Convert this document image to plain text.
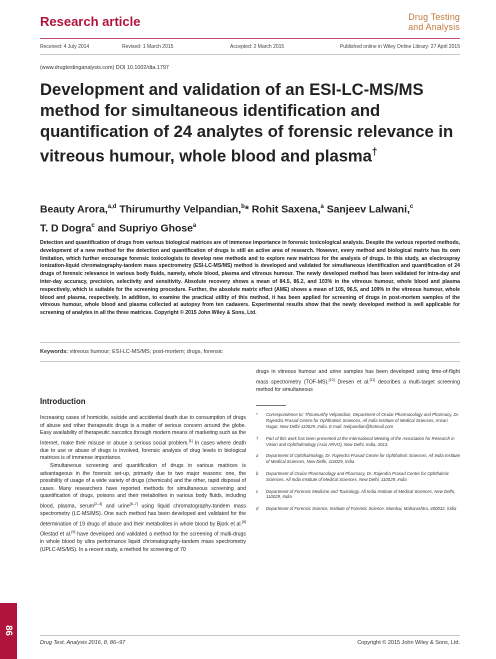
Research article	Drug Testing
and Analysis
Received: 4 July 2014	Revised: 1 March 2015	Accepted: 2 March 2015	Published online in Wiley Online Library: 27 April 2015
(www.drugtestinganalysis.com) DOI 10.1002/dta.1797
Development and validation of an ESI-LC-MS/MS method for simultaneous identification and quantification of 24 analytes of forensic relevance in vitreous humour, whole blood and plasma†
Beauty Arora,$^{a,d}$ Thirumurthy Velpandian,$^b$* Rohit Saxena,$^a$ Sanjeev Lalwani,$^c$
T. D Dogra$^c$ and Supriyo Ghose$^a$

Detection and quantification of drugs from various biological matrices are of immense importance in forensic toxicological analysis. Despite the various reported methods, development of a new method for the detection and quantification of drugs is still an active area of research. However, every method and biological matrix has its own limitation, which further encourage forensic toxicologists to develop new methods and to explore new matrices for the analysis of drugs. In this study, an electrospray ionization-liquid chromatography-tandem mass spectrometry (ESI-LC-MS/MS) method is developed and validated for simultaneous identification and quantification of 24 drugs of forensic relevance in various body fluids, namely, whole blood, plasma and vitreous humour. The newly developed method has been validated for intra-day and inter-day accuracy, precision, selectivity and sensitivity. Absolute recovery shows a mean of 84.5, 86.2, and 103% in the vitreous humour, whole blood and plasma respectively, which is suitable for the screening procedure. Further, the absolute matrix effect (AME) shows a mean of 105, 96.5, and 109% in the vitreous humour, whole blood and plasma, respectively. In addition, to examine the practical utility of this method, it has been applied for screening of drugs in post-mortem samples of the vitreous humour, whole blood and plasma collected at autopsy from ten cadavers. Experimental results show that the newly developed method is well applicable for screening of analytes in all the three matrices. Copyright © 2015 John Wiley & Sons, Ltd.

Keywords: vitreous humour; ESI-LC-MS/MS; post-mortem; drugs, forensic
Introduction

Increasing cases of homicide, suicide and accidental death due to consumption of drugs of abuse and other therapeutic drugs is a matter of serious concern around the globe. Easy availability of therapeutic narcotics through modern means of marketing such as the Internet, make their misuse or abuse a serious social problem.[1] In cases where death due to use or abuse of drugs is involved, forensic analysis of drug levels in biological matrices is of immense importance.

Simultaneous screening and quantification of drugs in various matrices is advantageous in the forensic set-up, primarily due to two major reasons: one, the possibility of usage of a wide variety of drugs (chemicals) and the other, rapid disposal of cases. Many researchers have reported methods for simultaneous screening and quantification of drugs, poisons and their metabolites in various body fluids, including blood, plasma, serum[2–4] and urine[5–7] using liquid chromatography-tandem mass spectrometry (LC-MS/MS). One such method has been developed and validated for the determination of 19 drugs of abuse and their metabolites in whole blood by Bjork et al.[8] Olestad et al.[9] have developed and validated a method for the screening of multi-drugs in whole blood by ultra performance liquid chromatography-tandem mass spectrometry (UPLC-MS/MS). In a recent study, a method for screening of 70

drugs in vitreous humour and urine samples has been developed using time-of-flight mass spectrometry (TOF-MS).[10] Dresen et al.[11] describes a multi-target screening method for simultaneous

*	Correspondence to: Thirumurthy Velpandian, Department of Ocular Pharmacology and Pharmacy, Dr. Rajendra Prasad Centre for Ophthalmic Sciences, All India Institute of Medical Sciences, Ansari Nagar, New Delhi-110029, India. E-mail: tvelpandian@hotmail.com
†	Part of this work has been presented at the International Meeting of the Association for Research in Vision and Ophthalmology (Asia ARVO), New Delhi, India, 2013.
a	Department of Ophthalmology, Dr. Rajendra Prasad Centre for Ophthalmic Sciences, All India Institute of Medical Sciences, New Delhi, 110029, India
b	Department of Ocular Pharmacology and Pharmacy, Dr. Rajendra Prasad Centre for Ophthalmic Sciences, All India Institute of Medical Sciences, New Delhi, 110029, India
c	Department of Forensic Medicine and Toxicology, All India Institute of Medical Sciences, New Delhi, 110029, India
d	Department of Forensic Science, Institute of Forensic Science, Mumbai, Maharashtra, 400032, India
Drug Test. Analysis 2016, 8, 86–97	Copyright © 2015 John Wiley & Sons, Ltd.
86
